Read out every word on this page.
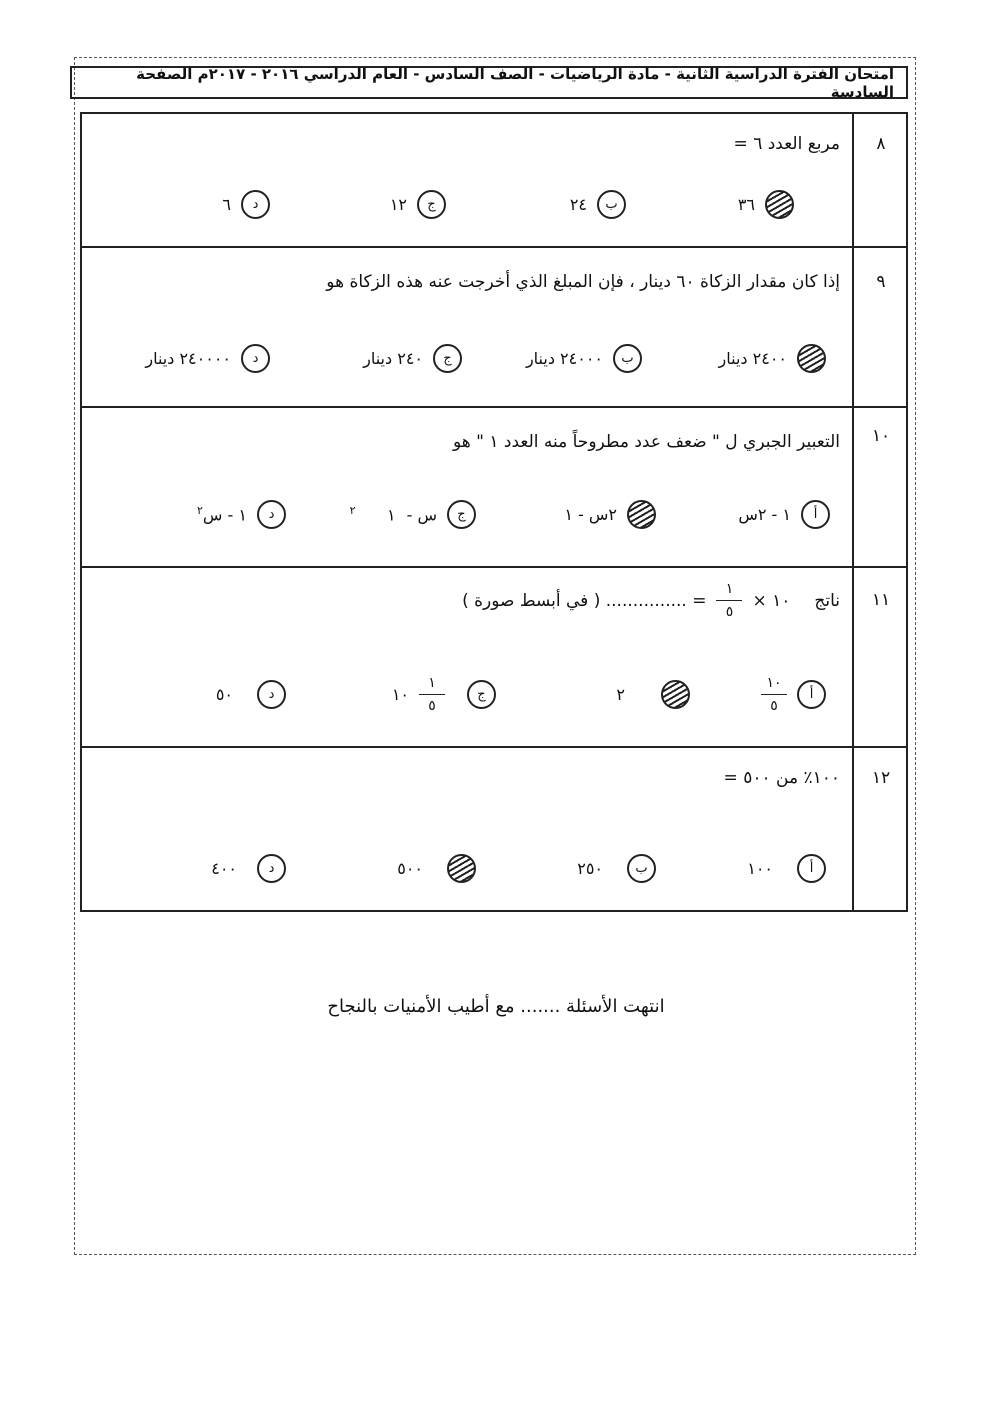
امتحان الفترة الدراسية الثانية - مادة الرياضيات - الصف السادس - العام الدراسي ٢٠١٦ - ٢٠١٧م الصفحة السادسة
٨
مربع العدد ٦ =
٣٦
ب
٢٤
ج
١٢
د
٦
٩
إذا كان مقدار الزكاة ٦٠ دينار ، فإن المبلغ الذي أخرجت عنه هذه الزكاة هو
٢٤٠٠ دينار
ب
٢٤٠٠٠ دينار
ج
٢٤٠ دينار
د
٢٤٠٠٠٠ دينار
١٠
التعبير الجبري ل " ضعف عدد مطروحاً منه العدد ١ " هو
أ
١ - ٢س
٢س - ١
ج
س - $١^٢$
د
١ - س$^٢$
١١
ناتج
١٠ ×
$\frac{١}{٥}$
= ............... ( في أبسط صورة )
أ
$\frac{١٠}{٥}$
٢
ج
$\frac{١}{٥}$
١٠
د
٥٠
١٢
١٠٠٪ من ٥٠٠ =
أ
١٠٠
ب
٢٥٠
٥٠٠
د
٤٠٠
انتهت الأسئلة ....... مع أطيب الأمنيات بالنجاح
